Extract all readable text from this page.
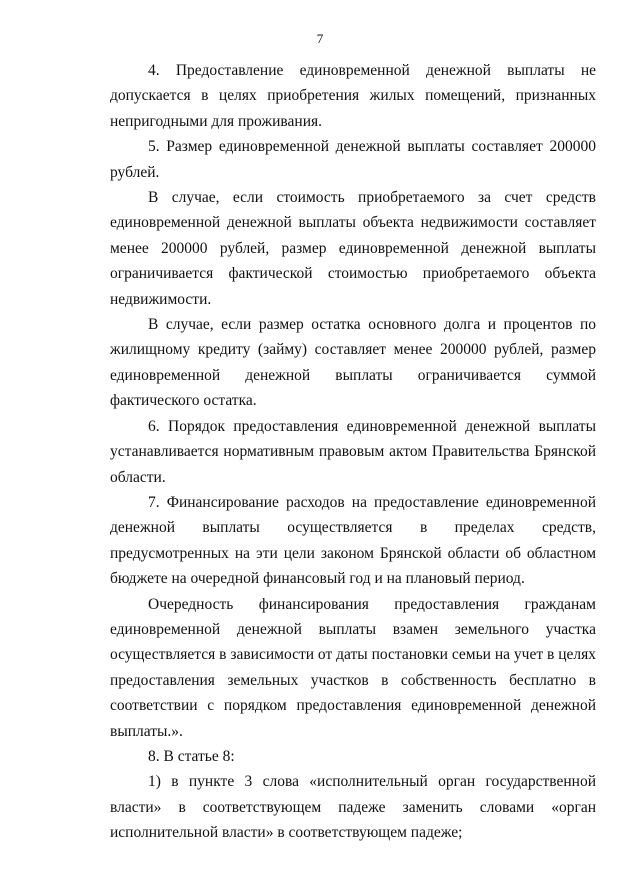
7

4. Предоставление единовременной денежной выплаты не допускается в целях приобретения жилых помещений, признанных непригодными для проживания.

5. Размер единовременной денежной выплаты составляет 200000 рублей.

В случае, если стоимость приобретаемого за счет средств единовременной денежной выплаты объекта недвижимости составляет менее 200000 рублей, размер единовременной денежной выплаты ограничивается фактической стоимостью приобретаемого объекта недвижимости.

В случае, если размер остатка основного долга и процентов по жилищному кредиту (займу) составляет менее 200000 рублей, размер единовременной денежной выплаты ограничивается суммой фактического остатка.

6. Порядок предоставления единовременной денежной выплаты устанавливается нормативным правовым актом Правительства Брянской области.

7. Финансирование расходов на предоставление единовременной денежной выплаты осуществляется в пределах средств, предусмотренных на эти цели законом Брянской области об областном бюджете на очередной финансовый год и на плановый период.

Очередность финансирования предоставления гражданам единовременной денежной выплаты взамен земельного участка осуществляется в зависимости от даты постановки семьи на учет в целях предоставления земельных участков в собственность бесплатно в соответствии с порядком предоставления единовременной денежной выплаты.».

8. В статье 8:

1) в пункте 3 слова «исполнительный орган государственной власти» в соответствующем падеже заменить словами «орган исполнительной власти» в соответствующем падеже;
